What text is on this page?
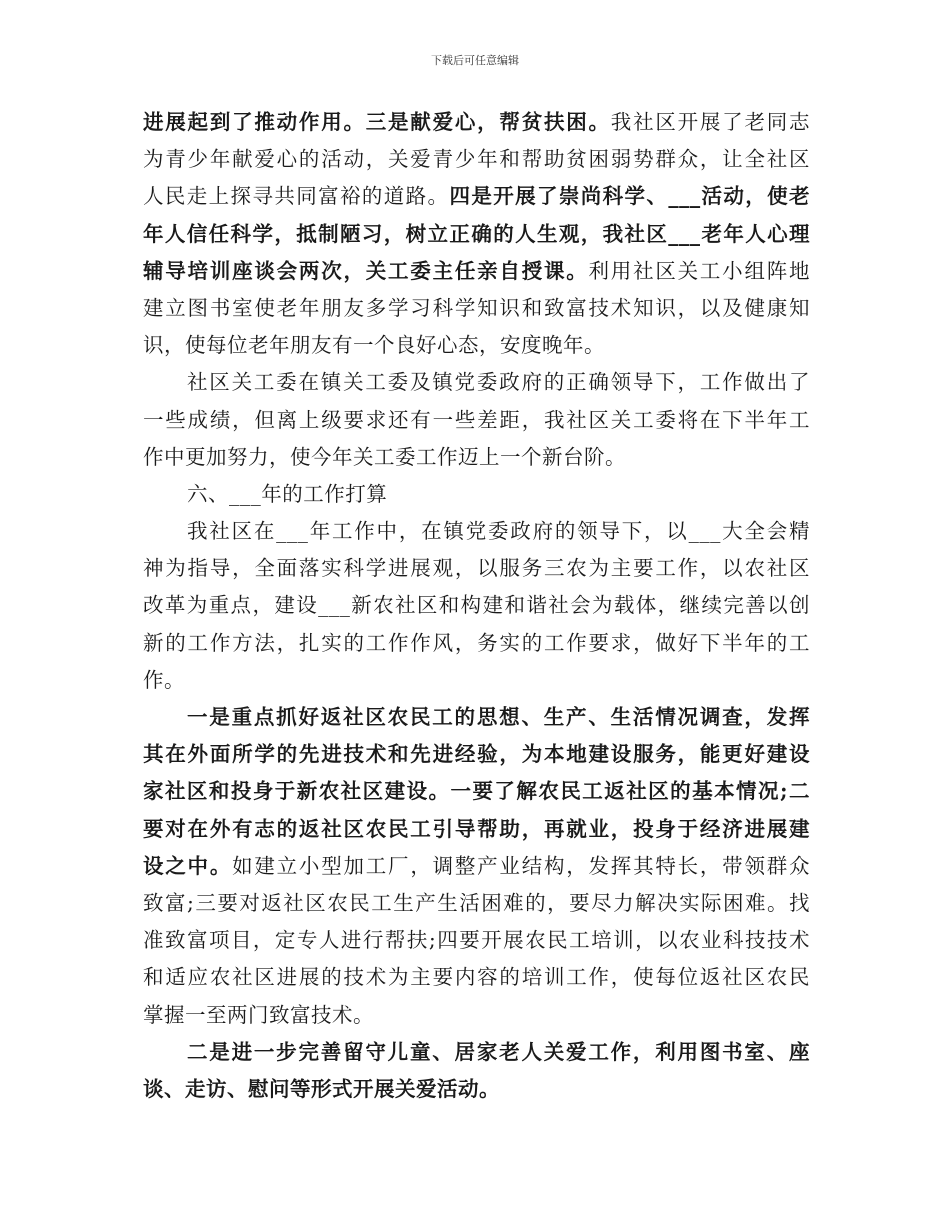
下载后可任意编辑
进展起到了推动作用。三是献爱心，帮贫扶困。我社区开展了老同志
为青少年献爱心的活动，关爱青少年和帮助贫困弱势群众，让全社区
人民走上探寻共同富裕的道路。四是开展了崇尚科学、___活动，使老
年人信任科学，抵制陋习，树立正确的人生观，我社区___老年人心理
辅导培训座谈会两次，关工委主任亲自授课。利用社区关工小组阵地
建立图书室使老年朋友多学习科学知识和致富技术知识，以及健康知
识，使每位老年朋友有一个良好心态，安度晚年。
社区关工委在镇关工委及镇党委政府的正确领导下，工作做出了
一些成绩，但离上级要求还有一些差距，我社区关工委将在下半年工
作中更加努力，使今年关工委工作迈上一个新台阶。
六、___年的工作打算
我社区在___年工作中，在镇党委政府的领导下，以___大全会精
神为指导，全面落实科学进展观，以服务三农为主要工作，以农社区
改革为重点，建设___新农社区和构建和谐社会为载体，继续完善以创
新的工作方法，扎实的工作作风，务实的工作要求，做好下半年的工
作。
一是重点抓好返社区农民工的思想、生产、生活情况调查，发挥
其在外面所学的先进技术和先进经验，为本地建设服务，能更好建设
家社区和投身于新农社区建设。一要了解农民工返社区的基本情况;二
要对在外有志的返社区农民工引导帮助，再就业，投身于经济进展建
设之中。如建立小型加工厂，调整产业结构，发挥其特长，带领群众
致富;三要对返社区农民工生产生活困难的，要尽力解决实际困难。找
准致富项目，定专人进行帮扶;四要开展农民工培训，以农业科技技术
和适应农社区进展的技术为主要内容的培训工作，使每位返社区农民
掌握一至两门致富技术。
二是进一步完善留守儿童、居家老人关爱工作，利用图书室、座
谈、走访、慰问等形式开展关爱活动。
